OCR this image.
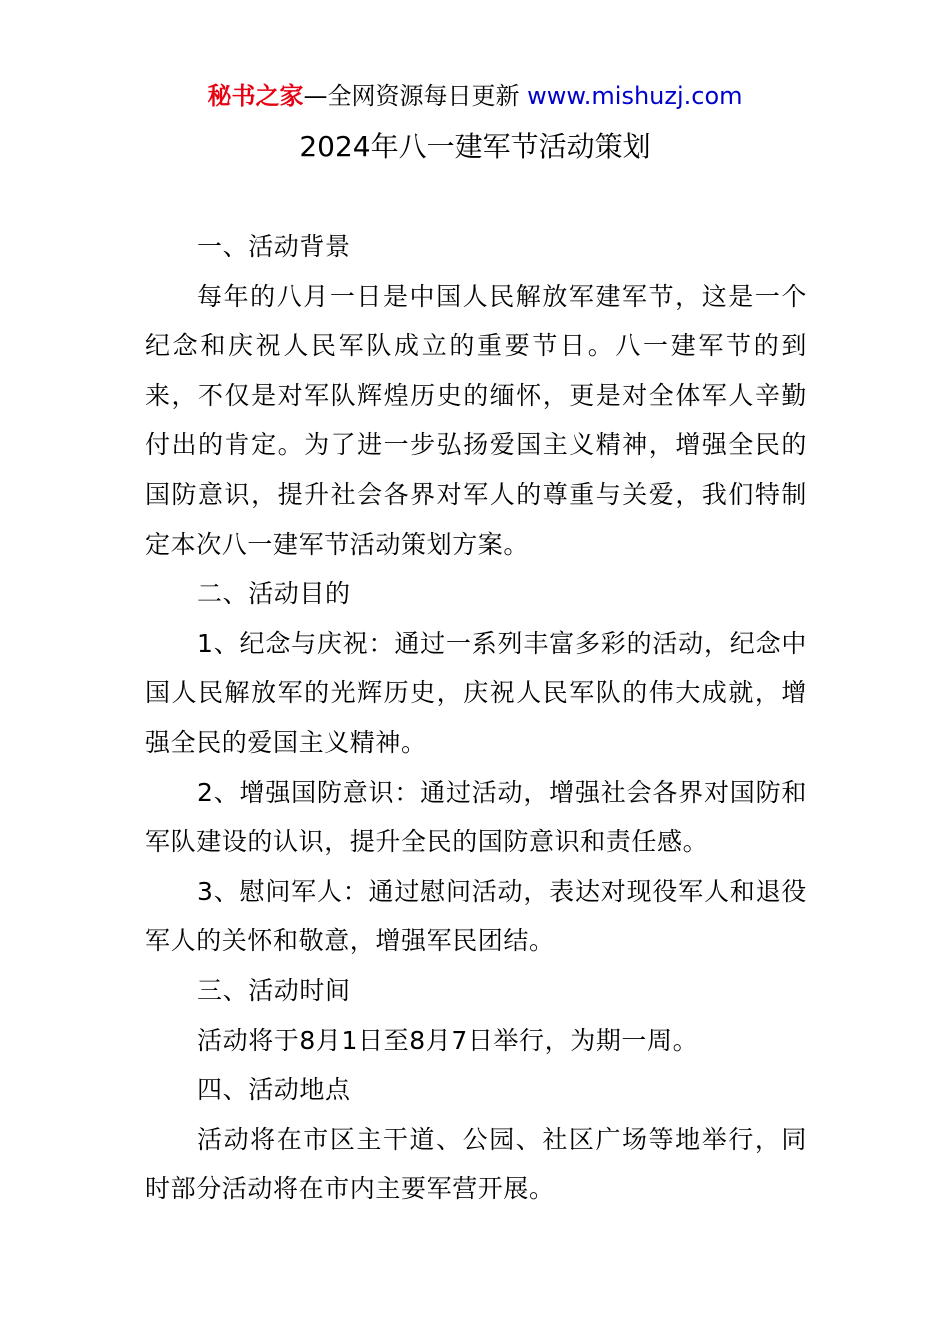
秘书之家—全网资源每日更新 www.mishuzj.com
2024年八一建军节活动策划

一、活动背景

每年的八月一日是中国人民解放军建军节，这是一个纪念和庆祝人民军队成立的重要节日。八一建军节的到来，不仅是对军队辉煌历史的缅怀，更是对全体军人辛勤付出的肯定。为了进一步弘扬爱国主义精神，增强全民的国防意识，提升社会各界对军人的尊重与关爱，我们特制定本次八一建军节活动策划方案。

二、活动目的

1、纪念与庆祝：通过一系列丰富多彩的活动，纪念中国人民解放军的光辉历史，庆祝人民军队的伟大成就，增强全民的爱国主义精神。

2、增强国防意识：通过活动，增强社会各界对国防和军队建设的认识，提升全民的国防意识和责任感。

3、慰问军人：通过慰问活动，表达对现役军人和退役军人的关怀和敬意，增强军民团结。

三、活动时间

活动将于8月1日至8月7日举行，为期一周。

四、活动地点

活动将在市区主干道、公园、社区广场等地举行，同时部分活动将在市内主要军营开展。
